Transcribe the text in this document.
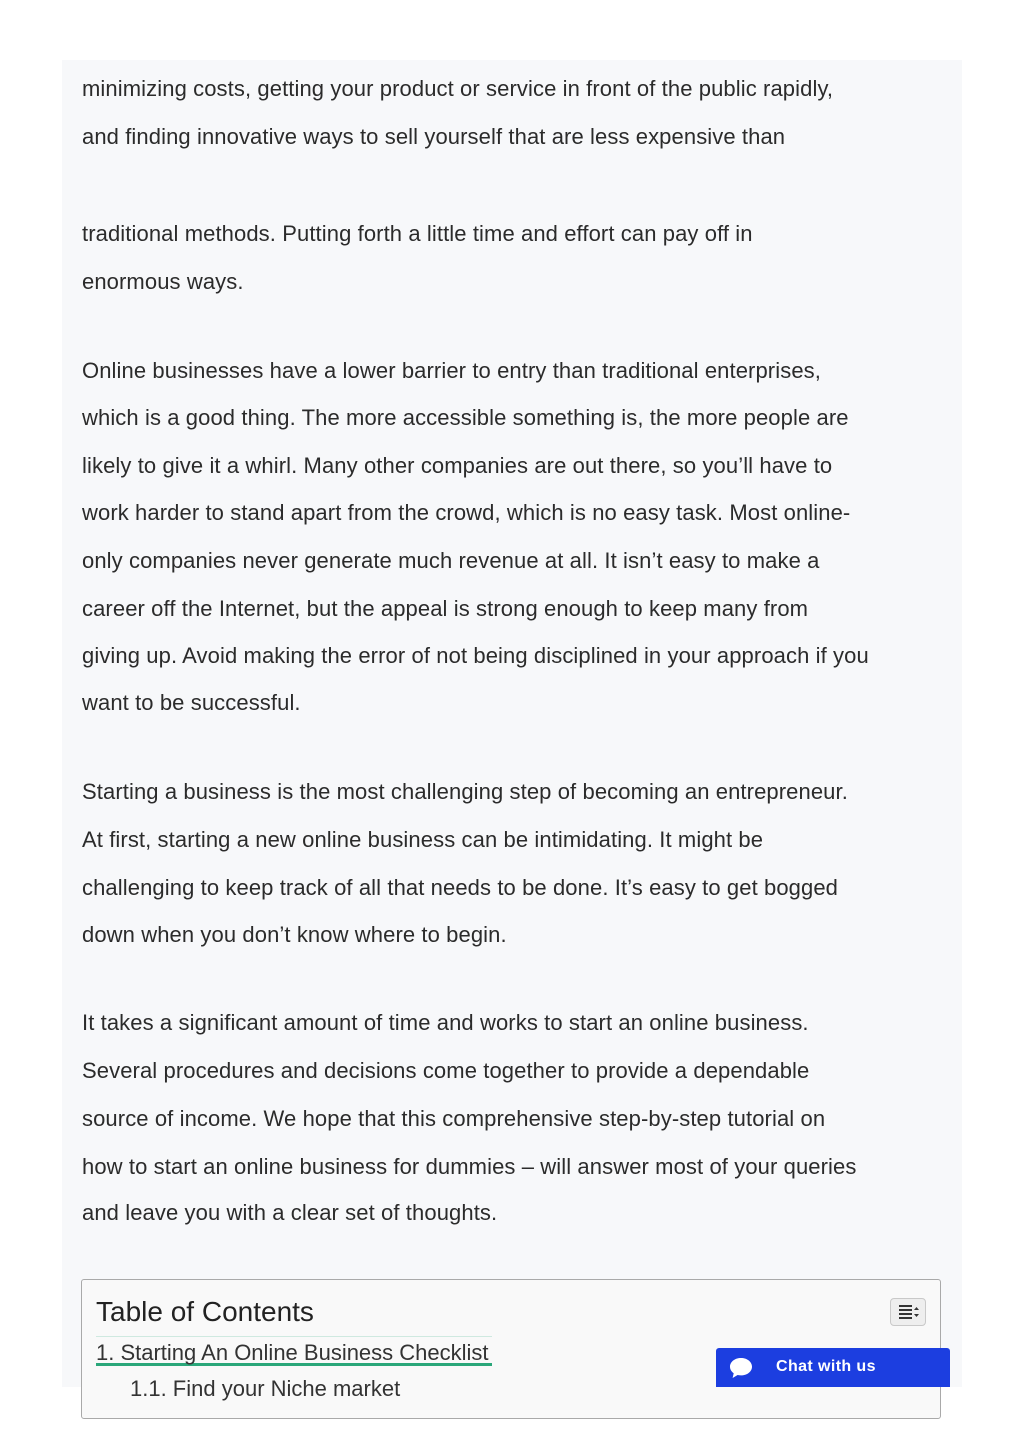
minimizing costs, getting your product or service in front of the public rapidly,
and finding innovative ways to sell yourself that are less expensive than
traditional methods. Putting forth a little time and effort can pay off in
enormous ways.
Online businesses have a lower barrier to entry than traditional enterprises,
which is a good thing. The more accessible something is, the more people are
likely to give it a whirl. Many other companies are out there, so you’ll have to
work harder to stand apart from the crowd, which is no easy task. Most online-
only companies never generate much revenue at all. It isn’t easy to make a
career off the Internet, but the appeal is strong enough to keep many from
giving up. Avoid making the error of not being disciplined in your approach if you
want to be successful.
Starting a business is the most challenging step of becoming an entrepreneur.
At first, starting a new online business can be intimidating. It might be
challenging to keep track of all that needs to be done. It’s easy to get bogged
down when you don’t know where to begin.
It takes a significant amount of time and works to start an online business.
Several procedures and decisions come together to provide a dependable
source of income. We hope that this comprehensive step-by-step tutorial on
how to start an online business for dummies – will answer most of your queries
and leave you with a clear set of thoughts.
Table of Contents
1. Starting An Online Business Checklist
1.1. Find your Niche market
Chat with us
